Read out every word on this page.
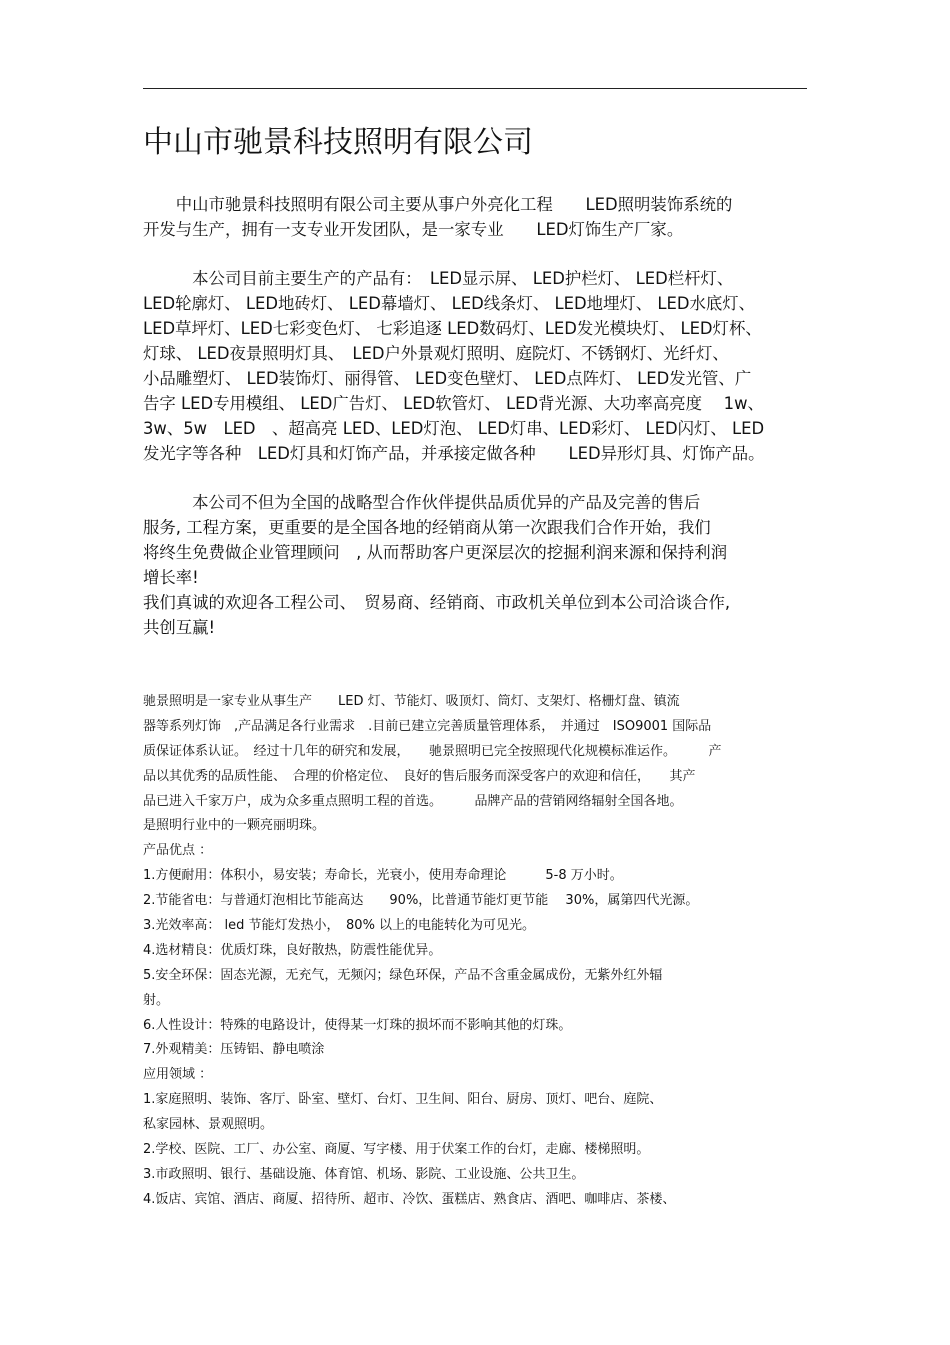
中山市驰景科技照明有限公司
　　中山市驰景科技照明有限公司主要从事户外亮化工程　　LED照明装饰系统的
开发与生产，拥有一支专业开发团队，是一家专业　　LED灯饰生产厂家。
　　　本公司目前主要生产的产品有：　LED显示屏、 LED护栏灯、 LED栏杆灯、
LED轮廓灯、 LED地砖灯、 LED幕墙灯、 LED线条灯、 LED地埋灯、 LED水底灯、
LED草坪灯、LED七彩变色灯、 七彩追逐 LED数码灯、LED发光模块灯、 LED灯杯、
灯球、 LED夜景照明灯具、　LED户外景观灯照明、庭院灯、不锈钢灯、光纤灯、
小品雕塑灯、 LED装饰灯、丽得管、 LED变色壁灯、 LED点阵灯、 LED发光管、广
告字 LED专用模组、 LED广告灯、 LED软管灯、 LED背光源、大功率高亮度　 1w、
3w、5w　LED　、超高亮 LED、LED灯泡、 LED灯串、LED彩灯、 LED闪灯、 LED
发光字等各种　LED灯具和灯饰产品，并承接定做各种　　LED异形灯具、灯饰产品。
　　　本公司不但为全国的战略型合作伙伴提供品质优异的产品及完善的售后
服务, 工程方案，更重要的是全国各地的经销商从第一次跟我们合作开始，我们
将终生免费做企业管理顾问　, 从而帮助客户更深层次的挖掘利润来源和保持利润
增长率!
我们真诚的欢迎各工程公司、　贸易商、经销商、市政机关单位到本公司洽谈合作,
共创互赢!
驰景照明是一家专业从事生产　　LED 灯、节能灯、吸顶灯、筒灯、支架灯、格栅灯盘、镇流
器等系列灯饰　,产品满足各行业需求　.目前已建立完善质量管理体系，　并通过　ISO9001 国际品
质保证体系认证。　经过十几年的研究和发展，　　驰景照明已完全按照现代化规模标准运作。　　　产
品以其优秀的品质性能、　合理的价格定位、　良好的售后服务而深受客户的欢迎和信任，　　其产
品已进入千家万户，成为众多重点照明工程的首选。　　　品牌产品的营销网络辐射全国各地。
是照明行业中的一颗亮丽明珠。
产品优点 ：
1.方便耐用：体积小，易安装；寿命长，光衰小，使用寿命理论　　　5-8 万小时。
2.节能省电：与普通灯泡相比节能高达　　90%，比普通节能灯更节能　 30%，属第四代光源。
3.光效率高： led 节能灯发热小，　80% 以上的电能转化为可见光。
4.选材精良：优质灯珠，良好散热，防震性能优异。
5.安全环保：固态光源，无充气，无频闪；绿色环保，产品不含重金属成份，无紫外红外辐
射。
6.人性设计：特殊的电路设计，使得某一灯珠的损坏而不影响其他的灯珠。
7.外观精美：压铸铝、静电喷涂
应用领域 ：
1.家庭照明、装饰、客厅、卧室、壁灯、台灯、卫生间、阳台、厨房、顶灯、吧台、庭院、
私家园林、景观照明。
2.学校、医院、工厂、办公室、商厦、写字楼、用于伏案工作的台灯，走廊、楼梯照明。
3.市政照明、银行、基础设施、体育馆、机场、影院、工业设施、公共卫生。
4.饭店、宾馆、酒店、商厦、招待所、超市、冷饮、蛋糕店、熟食店、酒吧、咖啡店、茶楼、
